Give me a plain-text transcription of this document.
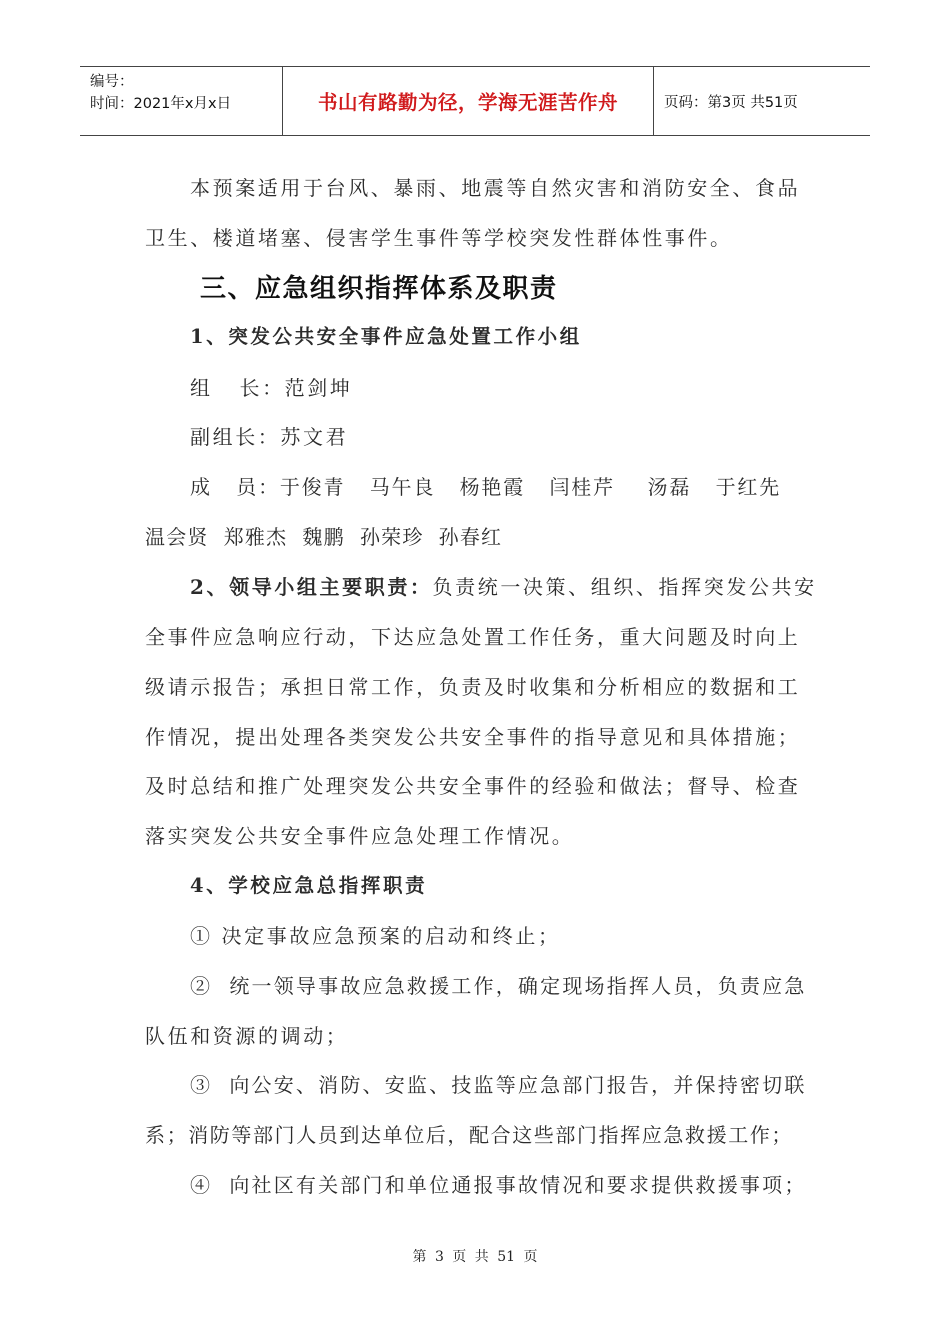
编号：
时间：2021年x月x日	书山有路勤为径，学海无涯苦作舟	页码：第3页 共51页
本预案适用于台风、暴雨、地震等自然灾害和消防安全、食品
卫生、楼道堵塞、侵害学生事件等学校突发性群体性事件。
三、应急组织指挥体系及职责
1、突发公共安全事件应急处置工作小组
组   长：范剑坤
副组长：苏文君
成   员：于俊青   马午良   杨艳霞   闫桂芹    汤磊   于红先
温会贤  郑雅杰  魏鹏  孙荣珍  孙春红
2、领导小组主要职责：负责统一决策、组织、指挥突发公共安
全事件应急响应行动，下达应急处置工作任务，重大问题及时向上
级请示报告；承担日常工作，负责及时收集和分析相应的数据和工
作情况，提出处理各类突发公共安全事件的指导意见和具体措施；
及时总结和推广处理突发公共安全事件的经验和做法；督导、检查
落实突发公共安全事件应急处理工作情况。
4、学校应急总指挥职责
① 决定事故应急预案的启动和终止；
②  统一领导事故应急救援工作，确定现场指挥人员，负责应急
队伍和资源的调动；
③  向公安、消防、安监、技监等应急部门报告，并保持密切联
系；消防等部门人员到达单位后，配合这些部门指挥应急救援工作；
④  向社区有关部门和单位通报事故情况和要求提供救援事项；
第 3 页 共 51 页
